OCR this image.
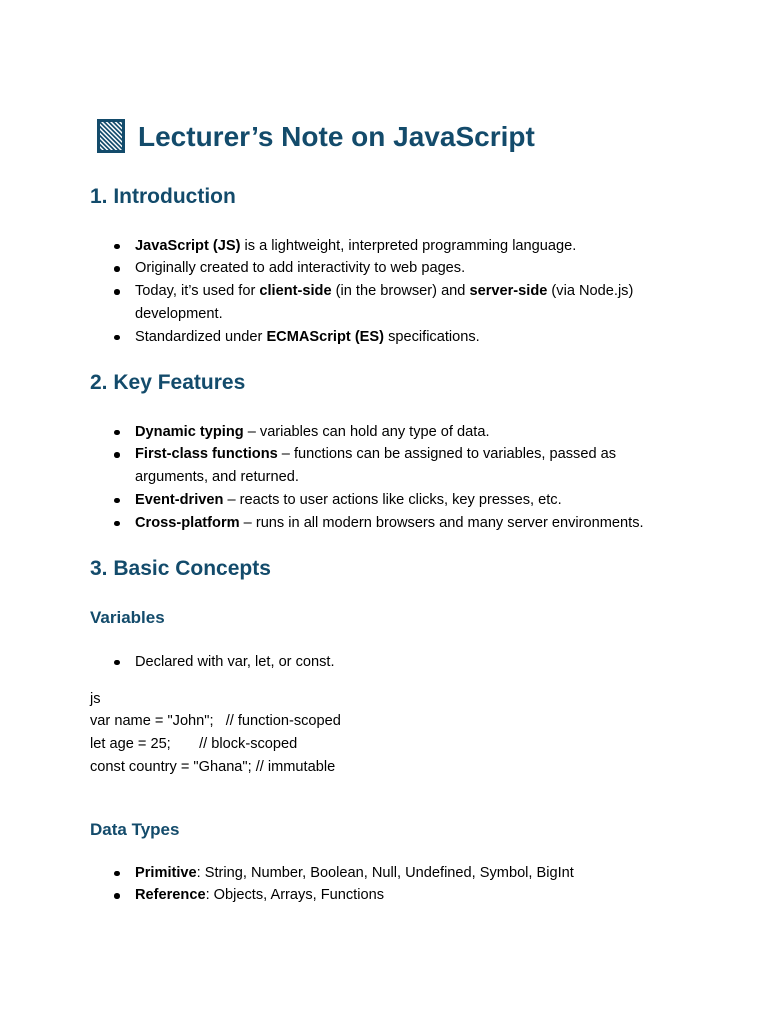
Lecturer’s Note on JavaScript
1. Introduction
JavaScript (JS) is a lightweight, interpreted programming language.
Originally created to add interactivity to web pages.
Today, it’s used for client-side (in the browser) and server-side (via Node.js) development.
Standardized under ECMAScript (ES) specifications.
2. Key Features
Dynamic typing – variables can hold any type of data.
First-class functions – functions can be assigned to variables, passed as arguments, and returned.
Event-driven – reacts to user actions like clicks, key presses, etc.
Cross-platform – runs in all modern browsers and many server environments.
3. Basic Concepts
Variables
Declared with var, let, or const.
js
var name = "John";   // function-scoped
let age = 25;       // block-scoped
const country = "Ghana"; // immutable
Data Types
Primitive: String, Number, Boolean, Null, Undefined, Symbol, BigInt
Reference: Objects, Arrays, Functions
